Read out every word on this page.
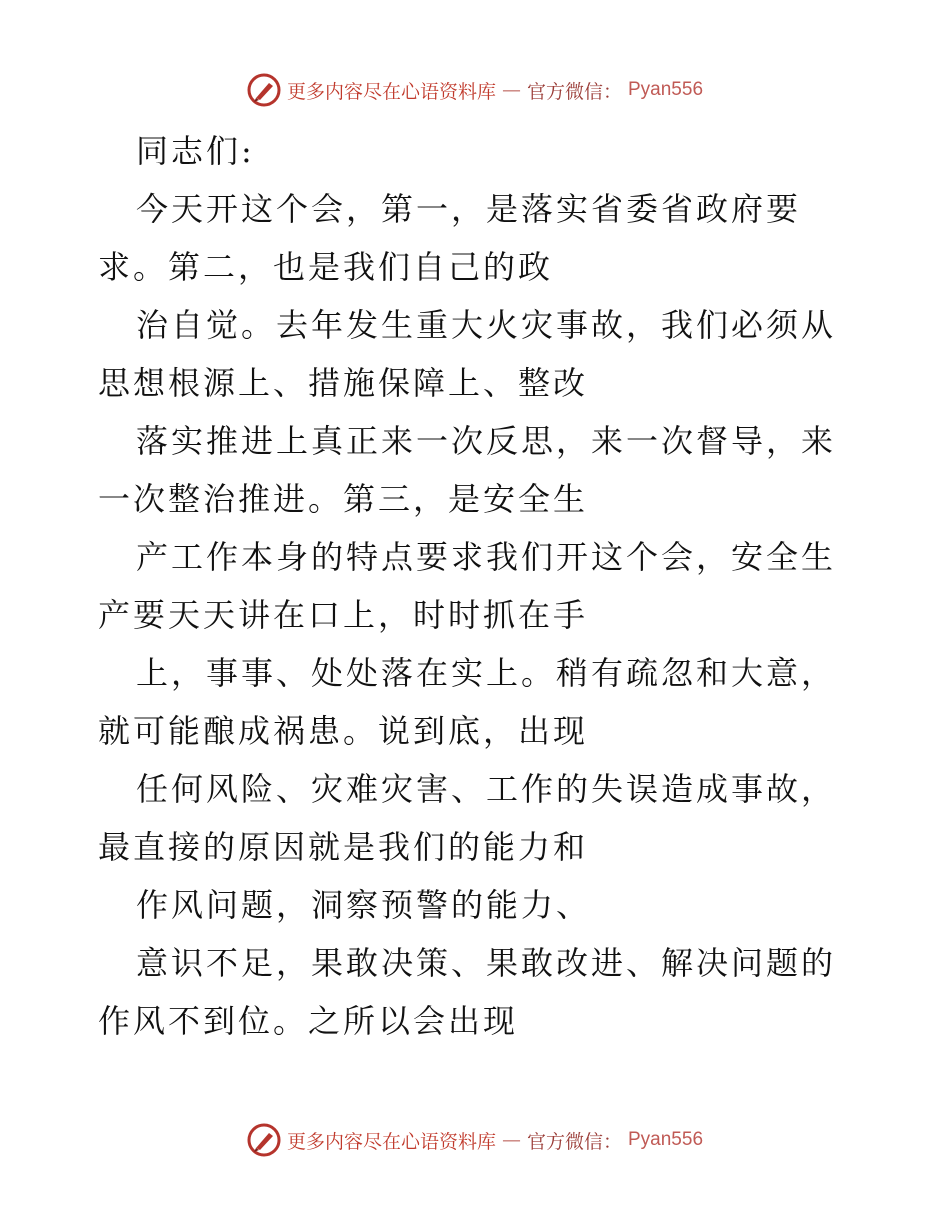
更多内容尽在心语资料库 — 官方微信： Pyan556

同志们:

今天开这个会，第一，是落实省委省政府要求。第二，也是我们自己的政

治自觉。去年发生重大火灾事故，我们必须从思想根源上、措施保障上、整改

落实推进上真正来一次反思，来一次督导，来一次整治推进。第三，是安全生

产工作本身的特点要求我们开这个会，安全生产要天天讲在口上，时时抓在手

上，事事、处处落在实上。稍有疏忽和大意，就可能酿成祸患。说到底，出现

任何风险、灾难灾害、工作的失误造成事故，最直接的原因就是我们的能力和

作风问题，洞察预警的能力、

意识不足，果敢决策、果敢改进、解决问题的作风不到位。之所以会出现

更多内容尽在心语资料库 — 官方微信： Pyan556
